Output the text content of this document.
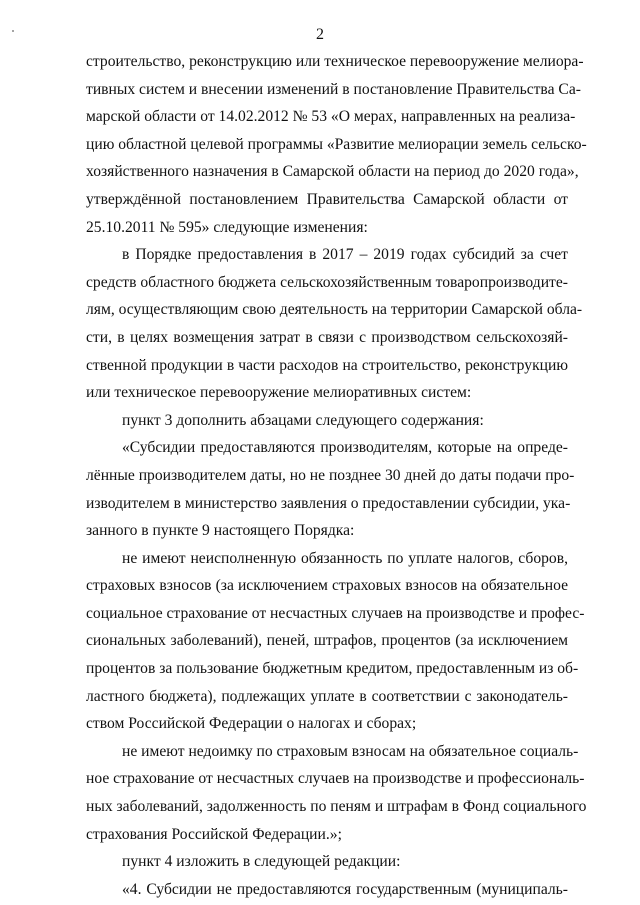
2
строительство, реконструкцию или техническое перевооружение мелиора-
тивных систем и внесении изменений в постановление Правительства Са-
марской области от 14.02.2012 № 53 «О мерах, направленных на реализа-
цию областной целевой программы «Развитие мелиорации земель сельско-
хозяйственного назначения в Самарской области на период до 2020 года»,
утверждённой постановлением Правительства Самарской области от
25.10.2011 № 595» следующие изменения:
в Порядке предоставления в 2017 – 2019 годах субсидий за счет
средств областного бюджета сельскохозяйственным товаропроизводите-
лям, осуществляющим свою деятельность на территории Самарской обла-
сти, в целях возмещения затрат в связи с производством сельскохозяй-
ственной продукции в части расходов на строительство, реконструкцию
или техническое перевооружение мелиоративных систем:
пункт 3 дополнить абзацами следующего содержания:
«Субсидии предоставляются производителям, которые на опреде-
лённые производителем даты, но не позднее 30 дней до даты подачи про-
изводителем в министерство заявления о предоставлении субсидии, ука-
занного в пункте 9 настоящего Порядка:
не имеют неисполненную обязанность по уплате налогов, сборов,
страховых взносов (за исключением страховых взносов на обязательное
социальное страхование от несчастных случаев на производстве и профес-
сиональных заболеваний), пеней, штрафов, процентов (за исключением
процентов за пользование бюджетным кредитом, предоставленным из об-
ластного бюджета), подлежащих уплате в соответствии с законодатель-
ством Российской Федерации о налогах и сборах;
не имеют недоимку по страховым взносам на обязательное социаль-
ное страхование от несчастных случаев на производстве и профессиональ-
ных заболеваний, задолженность по пеням и штрафам в Фонд социального
страхования Российской Федерации.»;
пункт 4 изложить в следующей редакции:
«4. Субсидии не предоставляются государственным (муниципаль-
